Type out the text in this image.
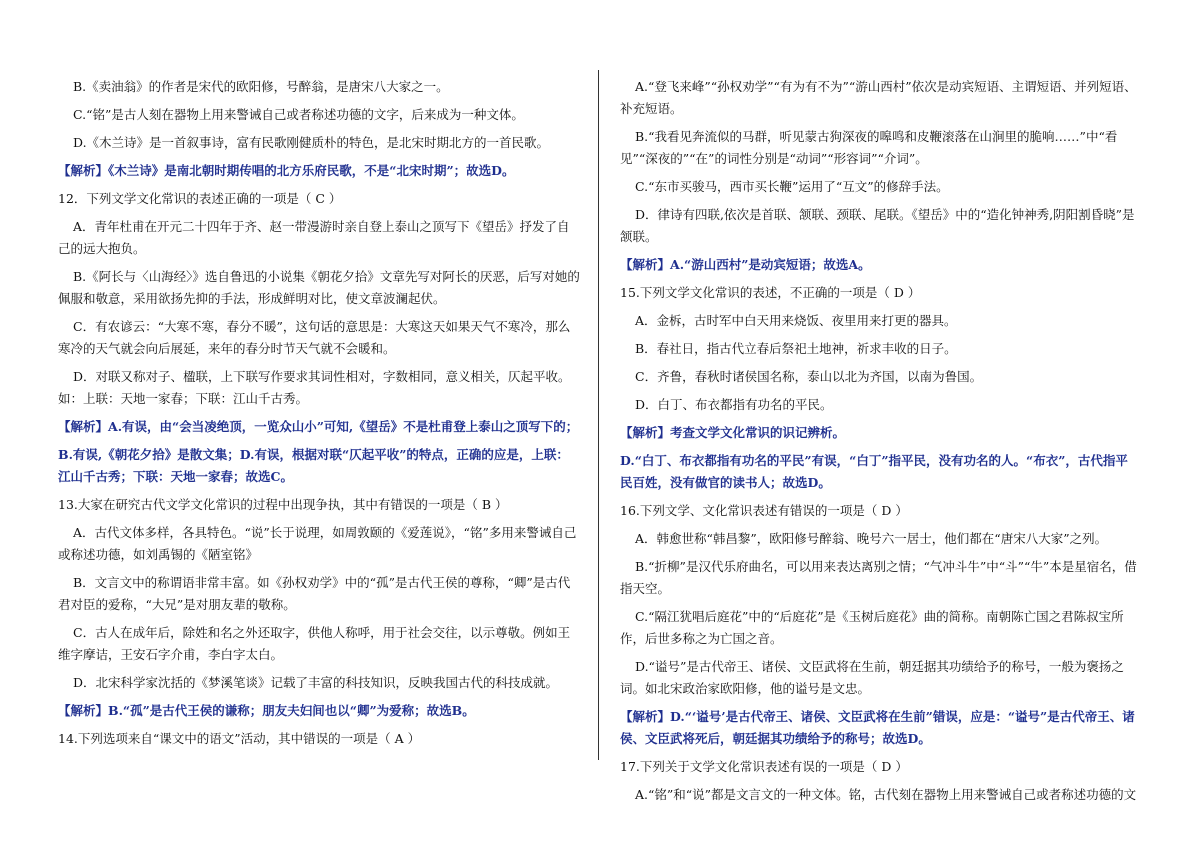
B.《卖油翁》的作者是宋代的欧阳修，号醉翁，是唐宋八大家之一。

C.“铭”是古人刻在器物上用来警诫自己或者称述功德的文字，后来成为一种文体。

D.《木兰诗》是一首叙事诗，富有民歌刚健质朴的特色，是北宋时期北方的一首民歌。

【解析】《木兰诗》是南北朝时期传唱的北方乐府民歌，不是“北宋时期”；故选D。

12．下列文学文化常识的表述正确的一项是（ C ）

A．青年杜甫在开元二十四年于齐、赵一带漫游时亲自登上泰山之顶写下《望岳》抒发了自己的远大抱负。

B.《阿长与〈山海经〉》选自鲁迅的小说集《朝花夕拾》文章先写对阿长的厌恶，后写对她的佩服和敬意，采用欲扬先抑的手法，形成鲜明对比，使文章波澜起伏。

C．有农谚云：“大寒不寒，春分不暖”，这句话的意思是：大寒这天如果天气不寒冷，那么寒冷的天气就会向后展延，来年的春分时节天气就不会暖和。

D．对联又称对子、楹联，上下联写作要求其词性相对，字数相同，意义相关，仄起平收。如：上联：天地一家春；下联：江山千古秀。

【解析】A.有误，由“会当凌绝顶，一览众山小”可知,《望岳》不是杜甫登上泰山之顶写下的；

B.有误,《朝花夕拾》是散文集；D.有误，根据对联“仄起平收”的特点，正确的应是，上联：江山千古秀；下联：天地一家春；故选C。

13.大家在研究古代文学文化常识的过程中出现争执，其中有错误的一项是（ B ）

A．古代文体多样，各具特色。“说”长于说理，如周敦颐的《爱莲说》，“铭”多用来警诫自己或称述功德，如刘禹锡的《陋室铭》

B．文言文中的称谓语非常丰富。如《孙权劝学》中的“孤”是古代王侯的尊称，“卿”是古代君对臣的爱称，“大兄”是对朋友辈的敬称。

C．古人在成年后，除姓和名之外还取字，供他人称呼，用于社会交往，以示尊敬。例如王维字摩诘，王安石字介甫，李白字太白。

D．北宋科学家沈括的《梦溪笔谈》记载了丰富的科技知识，反映我国古代的科技成就。

【解析】B.“孤”是古代王侯的谦称；朋友夫妇间也以“卿”为爱称；故选B。

14.下列选项来自“课文中的语文”活动，其中错误的一项是（ A ）

A.“登飞来峰”“孙权劝学”“有为有不为”“游山西村”依次是动宾短语、主谓短语、并列短语、补充短语。

B.“我看见奔流似的马群，听见蒙古狗深夜的嗥鸣和皮鞭滚落在山涧里的脆响……”中“看见”“深夜的”“在”的词性分别是“动词”“形容词”“介词”。

C.“东市买骏马，西市买长鞭”运用了“互文”的修辞手法。

D．律诗有四联,依次是首联、颔联、颈联、尾联。《望岳》中的“造化钟神秀,阴阳割昏晓”是颔联。

【解析】A.“游山西村”是动宾短语；故选A。

15.下列文学文化常识的表述，不正确的一项是（ D ）

A．金柝，古时军中白天用来烧饭、夜里用来打更的器具。

B．春社日，指古代立春后祭祀土地神，祈求丰收的日子。

C．齐鲁，春秋时诸侯国名称，泰山以北为齐国，以南为鲁国。

D．白丁、布衣都指有功名的平民。

【解析】考查文学文化常识的识记辨析。

D.“白丁、布衣都指有功名的平民”有误，“白丁”指平民，没有功名的人。“布衣”，古代指平民百姓，没有做官的读书人；故选D。

16.下列文学、文化常识表述有错误的一项是（ D ）

A．韩愈世称“韩昌黎”，欧阳修号醉翁、晚号六一居士，他们都在“唐宋八大家”之列。

B.“折柳”是汉代乐府曲名，可以用来表达离别之情；“气冲斗牛”中“斗”“牛”本是星宿名，借指天空。

C.“隔江犹唱后庭花”中的“后庭花”是《玉树后庭花》曲的简称。南朝陈亡国之君陈叔宝所作，后世多称之为亡国之音。

D.“谥号”是古代帝王、诸侯、文臣武将在生前，朝廷据其功绩给予的称号，一般为褒扬之词。如北宋政治家欧阳修，他的谥号是文忠。

【解析】D.“‘谥号’是古代帝王、诸侯、文臣武将在生前”错误，应是：“谥号”是古代帝王、诸侯、文臣武将死后，朝廷据其功绩给予的称号；故选D。

17.下列关于文学文化常识表述有误的一项是（ D ）

A.“铭”和“说”都是文言文的一种文体。铭，古代刻在器物上用来警诫自己或者称述功德的文
